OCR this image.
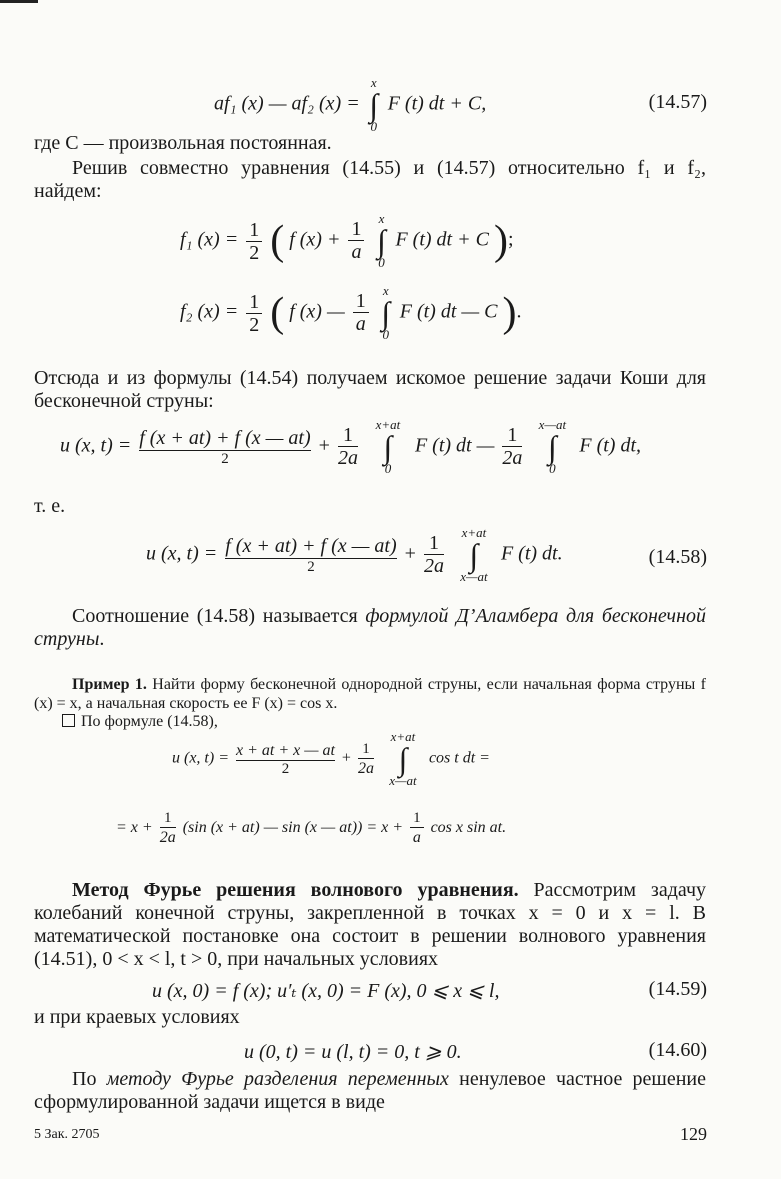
af₁ (x) — af₂ (x) =
x
∫
0
F (t) dt + C,	(14.57)
где C — произвольная постоянная.
Решив совместно уравнения (14.55) и (14.57) относительно f₁ и f₂, найдем:
f₁ $(x) = \frac{1}{2}$ ( f $(x) + \frac{1}{a}$	x
∫
0
F (t) dt + C );
f₂ $(x) = \frac{1}{2}$ ( f (x) — $\frac{1}{a}$	x
∫
0
F (t) dt — C ).
Отсюда и из формулы (14.54) получаем искомое решение задачи Коши для бесконечной струны:
u (x, $t) = \frac{f (x + at) + f (x — at)}{2} + \frac{1}{2a}$	x+at
∫
0
F (t) dt — $\frac{1}{2a}$	x—at
∫
0
F (t) dt,
т. е.
u (x, $t) = \frac{f (x + at) + f (x — at)}{2} + \frac{1}{2a}$	x+at
∫
x—at
F (t) dt.	(14.58)
Соотношение (14.58) называется формулой Д’Аламбера для бесконечной струны.
Пример 1. Найти форму бесконечной однородной струны, если начальная форма струны f (x) = x, а начальная скорость ее F (x) = cos x.
По формуле (14.58),
u (x, $t) = \frac{x + at + x — at}{2} + \frac{1}{2a}$
x+at
∫
x—at
cos t dt =
= $x + \frac{1}{2a} (\sin$ (x + at) — sin (x — $at)) = x + \frac{1}{a}$ cos x sin at.
Метод Фурье решения волнового уравнения. Рассмотрим задачу колебаний конечной струны, закрепленной в точках x = 0 и x = l. В математической постановке она состоит в решении волнового уравнения (14.51), 0 < x < l, t > 0, при начальных условиях
u (x, 0) = f (x); u′ₜ (x, 0) = F (x), 0 ⩽ x ⩽ l,	(14.59)
и при краевых условиях
u (0, t) = u (l, t) = 0, t ⩾ 0.	(14.60)
По методу Фурье разделения переменных ненулевое частное решение сформулированной задачи ищется в виде
5 Зак. 2705	129
